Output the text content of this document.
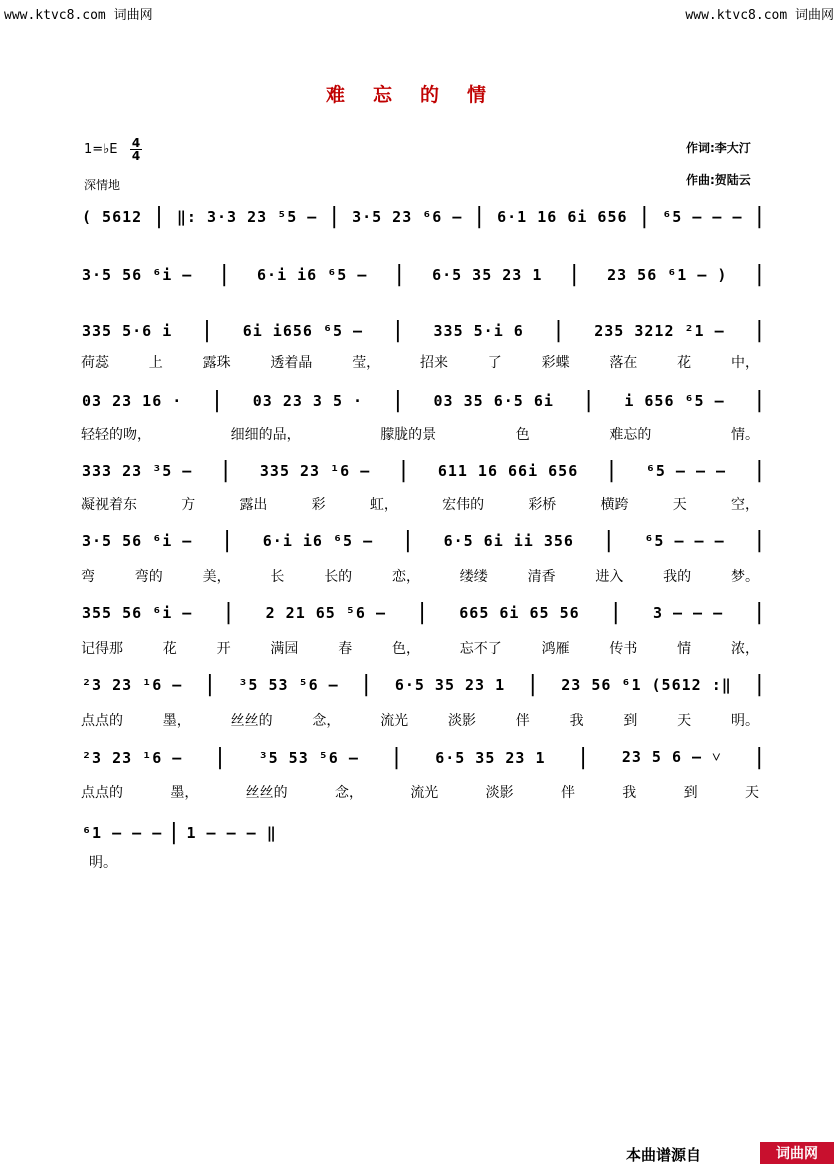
www.ktvc8.com 词曲网	www.ktvc8.com 词曲网
难忘的情
1=♭E 4
4
深情地
作词:李大汀
作曲:贺陆云
( 5612 | ‖: 3·3 23 ⁵5 – | 3·5 23 ⁶6 – | 6·1 16 6i 656 | ⁶5 – – – |
3·5 56 ⁶i – | 6·i i6 ⁶5 – | 6·5 35 23 1 | 23 56 ⁶1 – ) |
335 5·6 i | 6i i656 ⁶5 – | 335 5·i 6 | 235 3212 ²1 – |
荷蕊	上	露珠	透着晶	莹，	招来	了	彩蝶	落在	花	中，
03 23 16 · | 03 23 3 5 · | 03 35 6·5 6i | i 656 ⁶5 – |
轻轻的吻，	细细的品，	朦胧的景	色	难忘的	情。
333 23 ³5 – | 335 23 ¹6 – | 611 16 66i 656 | ⁶5 – – – |
凝视着东	方	露出	彩	虹，	宏伟的	彩桥	横跨	天	空，
3·5 56 ⁶i – | 6·i i6 ⁶5 – | 6·5 6i ii 356 | ⁶5 – – – |
弯	弯的	美，	长	长的	恋，	缕缕	清香	进入	我的	梦。
355 56 ⁶i – | 2 21 65 ⁵6 – | 665 6i 65 56 | 3 – – – |
记得那	花	开	满园	春	色，	忘不了	鸿雁	传书	情	浓，
²3 23 ¹6 – | ³5 53 ⁵6 – | 6·5 35 23 1 | 23 56 ⁶1 (5612 :‖ |
点点的	墨，	丝丝的	念，	流光	淡影	伴	我	到	天	明。
²3 23 ¹6 – | ³5 53 ⁵6 – | 6·5 35 23 1 | 23 5 6 – ˅ |
点点的	墨，	丝丝的	念，	流光	淡影	伴	我	到	天
⁶1 – – – | 1 – – – ‖
明。
本曲谱源自	词曲网
